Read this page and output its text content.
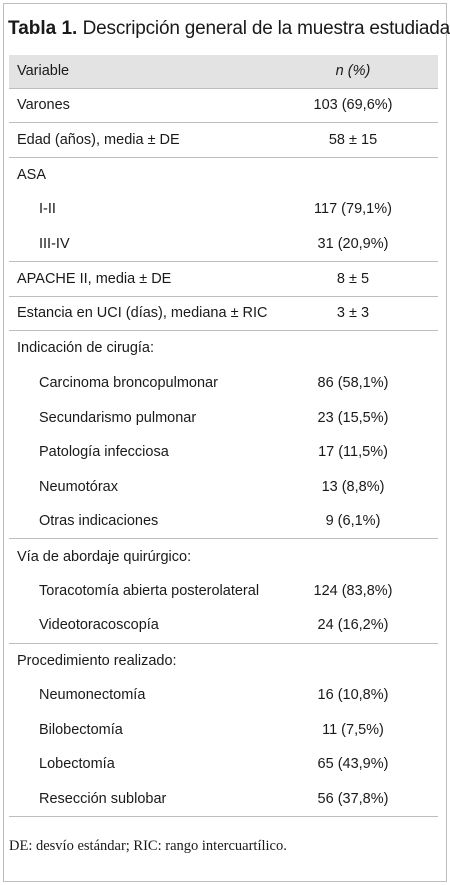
Tabla 1. Descripción general de la muestra estudiada
Variable	n (%)
Varones	103 (69,6%)
Edad (años), media ± DE	58 ± 15
ASA	
I-II	117 (79,1%)
III-IV	31 (20,9%)
APACHE II, media ± DE	8 ± 5
Estancia en UCI (días), mediana ± RIC	3 ± 3
Indicación de cirugía:	
Carcinoma broncopulmonar	86 (58,1%)
Secundarismo pulmonar	23 (15,5%)
Patología infecciosa	17 (11,5%)
Neumotórax	13 (8,8%)
Otras indicaciones	9 (6,1%)
Vía de abordaje quirúrgico:	
Toracotomía abierta posterolateral	124 (83,8%)
Videotoracoscopía	24 (16,2%)
Procedimiento realizado:	
Neumonectomía	16 (10,8%)
Bilobectomía	11 (7,5%)
Lobectomía	65 (43,9%)
Resección sublobar	56 (37,8%)
DE: desvío estándar; RIC: rango intercuartílico.
